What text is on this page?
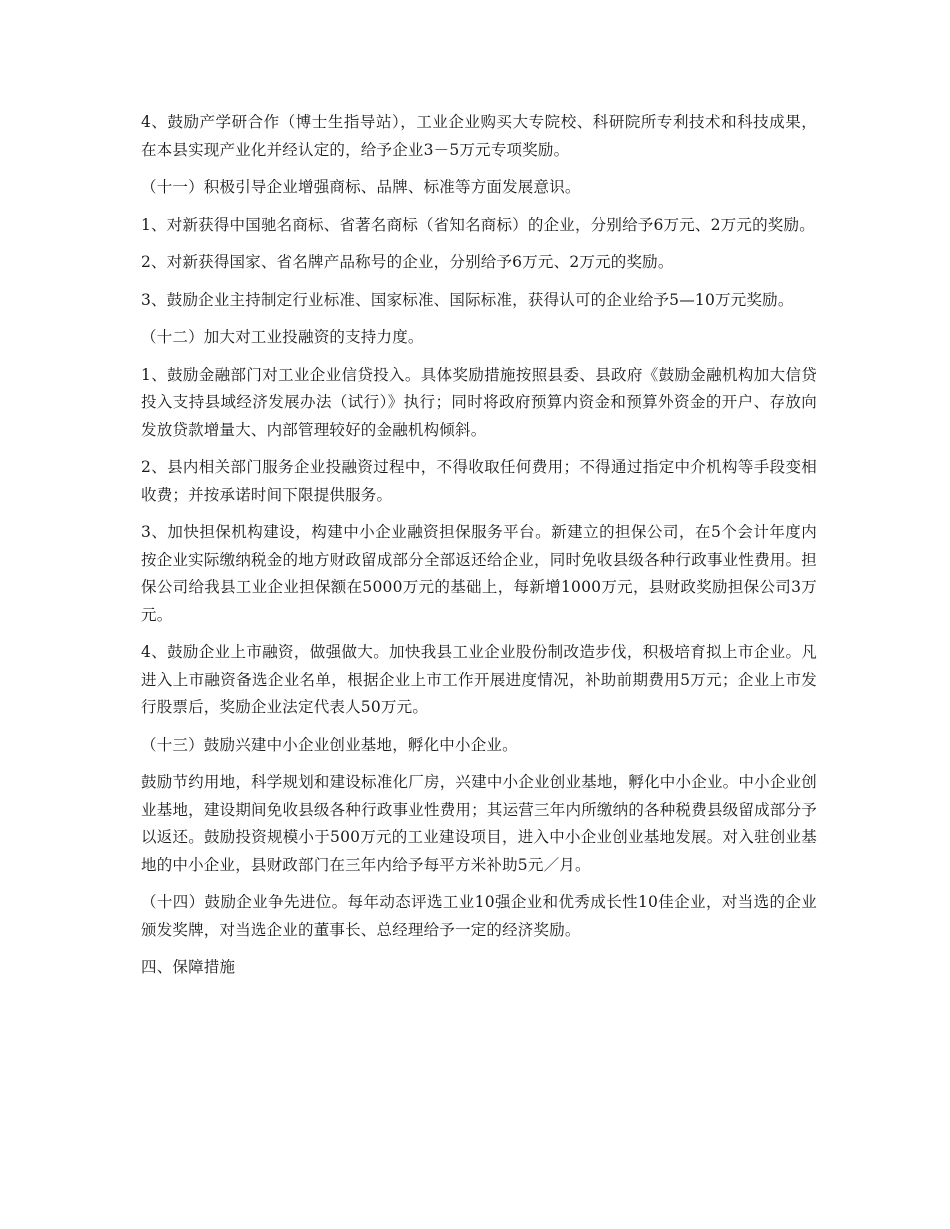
4、鼓励产学研合作（博士生指导站），工业企业购买大专院校、科研院所专利技术和科技成果，在本县实现产业化并经认定的，给予企业3－5万元专项奖励。

（十一）积极引导企业增强商标、品牌、标准等方面发展意识。

1、对新获得中国驰名商标、省著名商标（省知名商标）的企业，分别给予6万元、2万元的奖励。

2、对新获得国家、省名牌产品称号的企业，分别给予6万元、2万元的奖励。

3、鼓励企业主持制定行业标准、国家标准、国际标准，获得认可的企业给予5—10万元奖励。

（十二）加大对工业投融资的支持力度。

1、鼓励金融部门对工业企业信贷投入。具体奖励措施按照县委、县政府《鼓励金融机构加大信贷投入支持县域经济发展办法（试行）》执行；同时将政府预算内资金和预算外资金的开户、存放向发放贷款增量大、内部管理较好的金融机构倾斜。

2、县内相关部门服务企业投融资过程中，不得收取任何费用；不得通过指定中介机构等手段变相收费；并按承诺时间下限提供服务。

3、加快担保机构建设，构建中小企业融资担保服务平台。新建立的担保公司，在5个会计年度内按企业实际缴纳税金的地方财政留成部分全部返还给企业，同时免收县级各种行政事业性费用。担保公司给我县工业企业担保额在5000万元的基础上，每新增1000万元，县财政奖励担保公司3万元。

4、鼓励企业上市融资，做强做大。加快我县工业企业股份制改造步伐，积极培育拟上市企业。凡进入上市融资备选企业名单，根据企业上市工作开展进度情况，补助前期费用5万元；企业上市发行股票后，奖励企业法定代表人50万元。

（十三）鼓励兴建中小企业创业基地，孵化中小企业。

鼓励节约用地，科学规划和建设标准化厂房，兴建中小企业创业基地，孵化中小企业。中小企业创业基地，建设期间免收县级各种行政事业性费用；其运营三年内所缴纳的各种税费县级留成部分予以返还。鼓励投资规模小于500万元的工业建设项目，进入中小企业创业基地发展。对入驻创业基地的中小企业，县财政部门在三年内给予每平方米补助5元／月。

（十四）鼓励企业争先进位。每年动态评选工业10强企业和优秀成长性10佳企业，对当选的企业颁发奖牌，对当选企业的董事长、总经理给予一定的经济奖励。

四、保障措施
